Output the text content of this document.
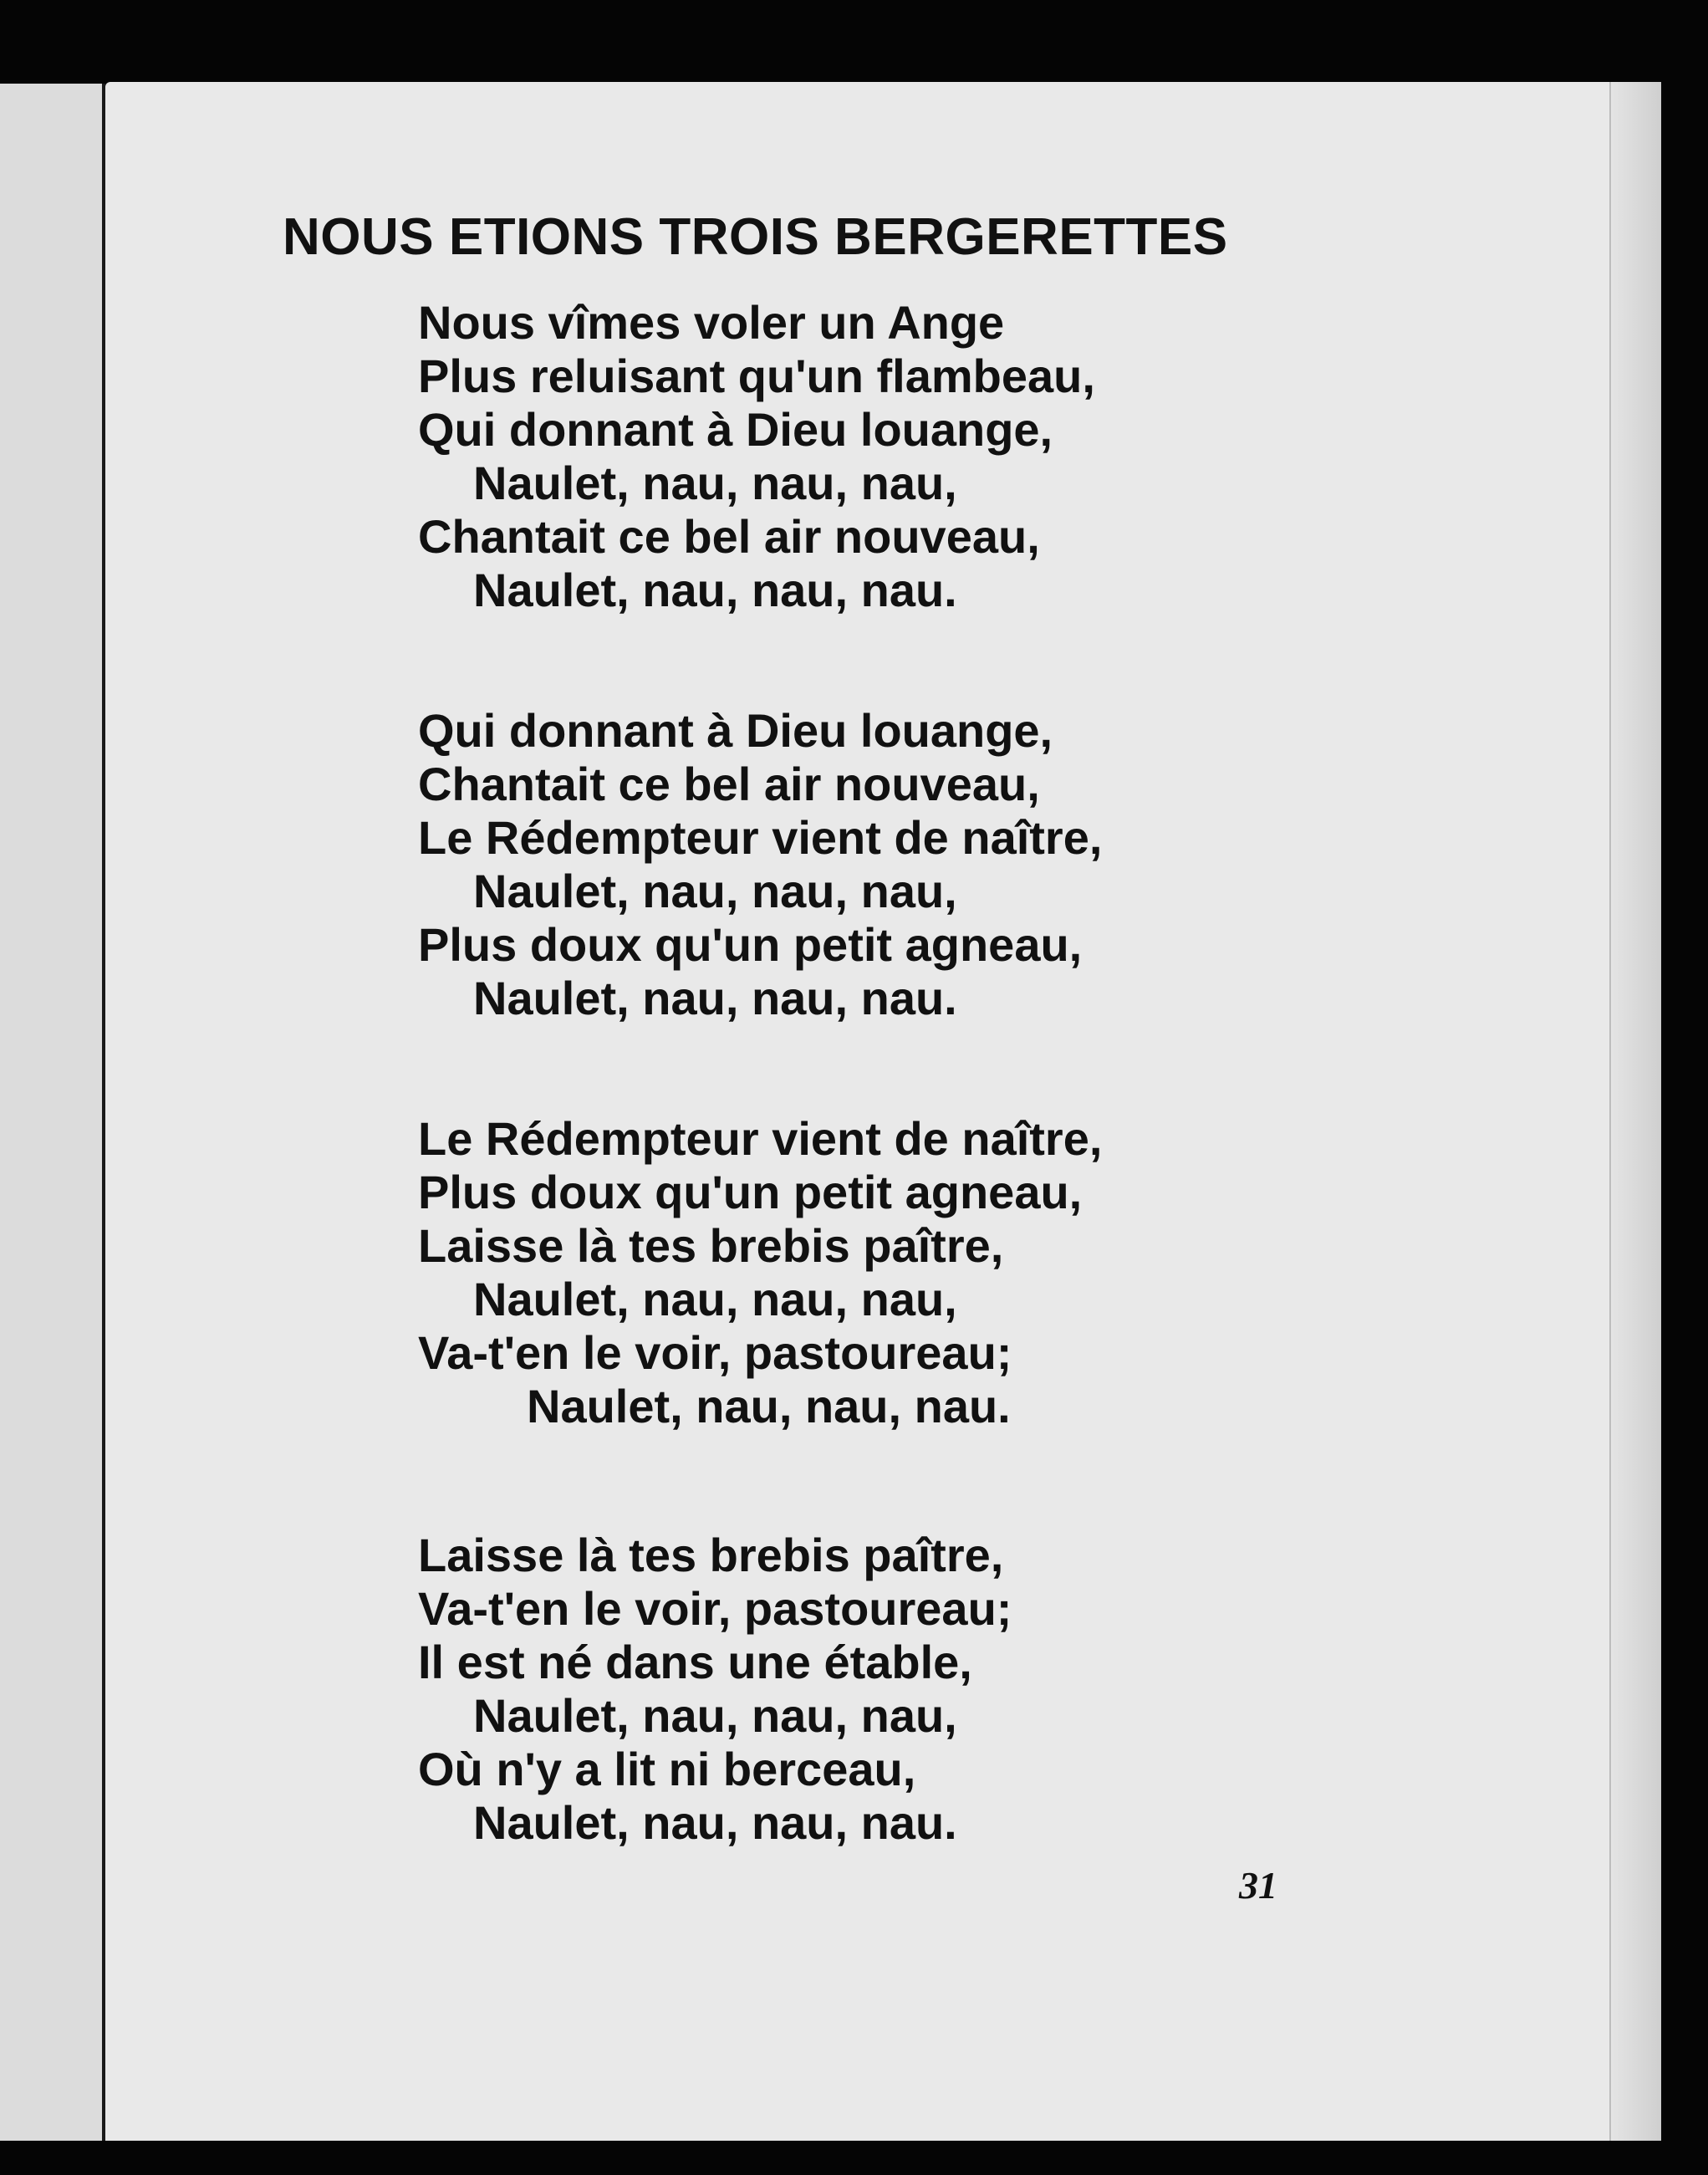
NOUS ETIONS TROIS BERGERETTES
Nous vîmes voler un Ange
Plus reluisant qu'un flambeau,
Qui donnant à Dieu louange,
Naulet, nau, nau, nau,
Chantait ce bel air nouveau,
Naulet, nau, nau, nau.
Qui donnant à Dieu louange,
Chantait ce bel air nouveau,
Le Rédempteur vient de naître,
Naulet, nau, nau, nau,
Plus doux qu'un petit agneau,
Naulet, nau, nau, nau.
Le Rédempteur vient de naître,
Plus doux qu'un petit agneau,
Laisse là tes brebis paître,
Naulet, nau, nau, nau,
Va-t'en le voir, pastoureau;
Naulet, nau, nau, nau.
Laisse là tes brebis paître,
Va-t'en le voir, pastoureau;
Il est né dans une étable,
Naulet, nau, nau, nau,
Où n'y a lit ni berceau,
Naulet, nau, nau, nau.
31
